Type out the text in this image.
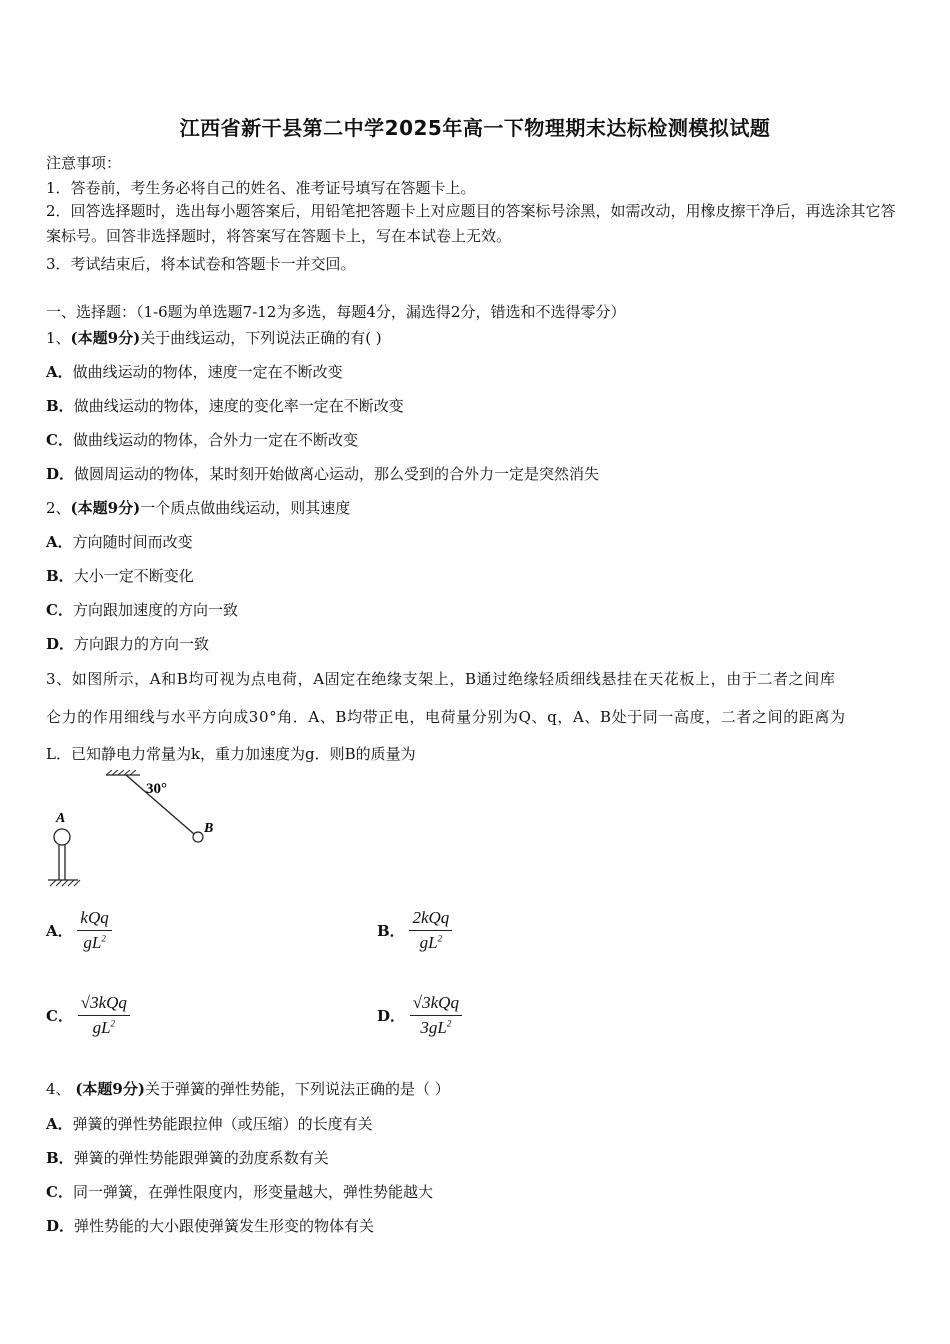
江西省新干县第二中学2025年高一下物理期末达标检测模拟试题
注意事项：
1．答卷前，考生务必将自己的姓名、准考证号填写在答题卡上。
2．回答选择题时，选出每小题答案后，用铅笔把答题卡上对应题目的答案标号涂黑，如需改动，用橡皮擦干净后，再选涂其它答案标号。回答非选择题时，将答案写在答题卡上，写在本试卷上无效。
3．考试结束后，将本试卷和答题卡一并交回。
一、选择题：（1-6题为单选题7-12为多选，每题4分，漏选得2分，错选和不选得零分）
1、(本题9分)关于曲线运动，下列说法正确的有( )
A．做曲线运动的物体，速度一定在不断改变
B．做曲线运动的物体，速度的变化率一定在不断改变
C．做曲线运动的物体，合外力一定在不断改变
D．做圆周运动的物体，某时刻开始做离心运动，那么受到的合外力一定是突然消失
2、(本题9分)一个质点做曲线运动，则其速度
A．方向随时间而改变
B．大小一定不断变化
C．方向跟加速度的方向一致
D．方向跟力的方向一致
3、如图所示，A和B均可视为点电荷，A固定在绝缘支架上，B通过绝缘轻质细线悬挂在天花板上，由于二者之间库
仑力的作用细线与水平方向成30°角．A、B均带正电，电荷量分别为Q、q，A、B处于同一高度，二者之间的距离为
L．已知静电力常量为k，重力加速度为g．则B的质量为
30°
B
A
A． $\frac{\text{kQq}}{gL^2}$	B． $\frac{\text{2kQq}}{gL^2}$
C． $\frac{\text{√3kQq}}{gL^2}$	D． $\frac{\text{√3kQq}}{3gL^2}$
4、 (本题9分)关于弹簧的弹性势能，下列说法正确的是（ ）
A．弹簧的弹性势能跟拉伸（或压缩）的长度有关
B．弹簧的弹性势能跟弹簧的劲度系数有关
C．同一弹簧，在弹性限度内，形变量越大，弹性势能越大
D．弹性势能的大小跟使弹簧发生形变的物体有关
